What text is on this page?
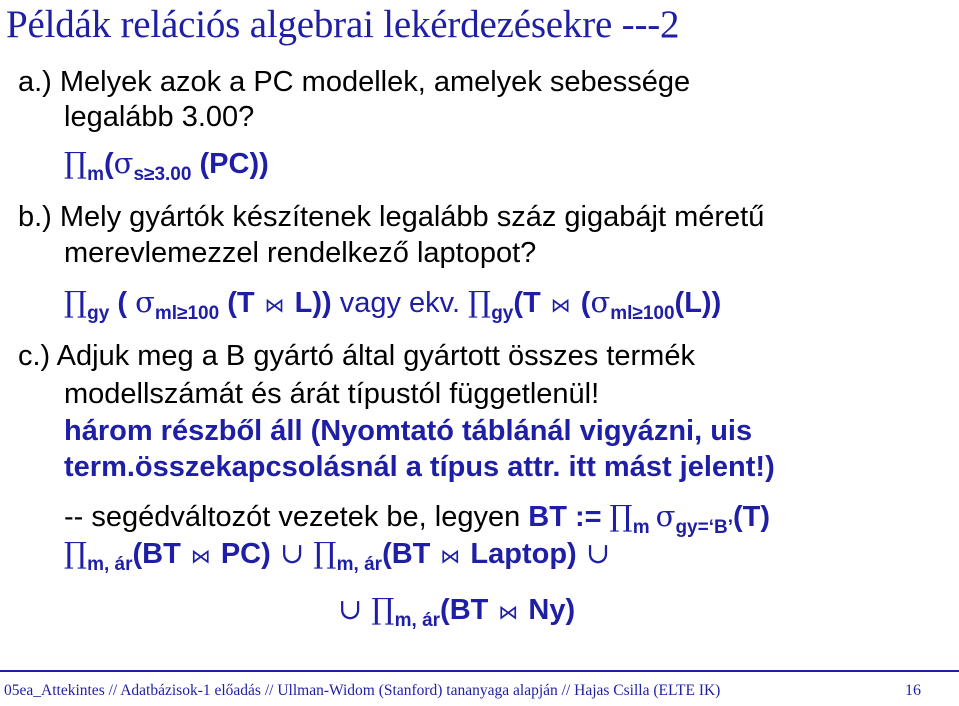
Példák relációs algebrai lekérdezésekre ---2
a.) Melyek azok a PC modellek, amelyek sebessége
legalább 3.00?
$\prod_m(\sigma_{s\ge 3.00}$ (PC))
b.) Mely gyártók készítenek legalább száz gigabájt méretű
merevlemezzel rendelkező laptopot?
$\prod_{gy}$ ( $\sigma_{ml\ge 100}$ (T ⋈ L)) vagy ekv. $\prod_{gy}(T$ ⋈ $(\sigma_{ml\ge 100}(L))$
c.) Adjuk meg a B gyártó által gyártott összes termék
modellszámát és árát típustól függetlenül!
három részből áll (Nyomtató táblánál vigyázni, uis
term.összekapcsolásnál a típus attr. itt mást jelent!)
-- segédváltozót vezetek be, legyen BT := $\prod_m$ $\sigma_{gy=‘B’}(T)$
$\prod_{m, ár}(BT$ ⋈ PC) ∪ $\prod_{m, ár}(BT$ ⋈ Laptop) ∪
∪ $\prod_{m, ár}(BT$ ⋈ Ny)
05ea_Attekintes // Adatbázisok-1 előadás // Ullman-Widom (Stanford) tananyaga alapján // Hajas Csilla (ELTE IK)	16
